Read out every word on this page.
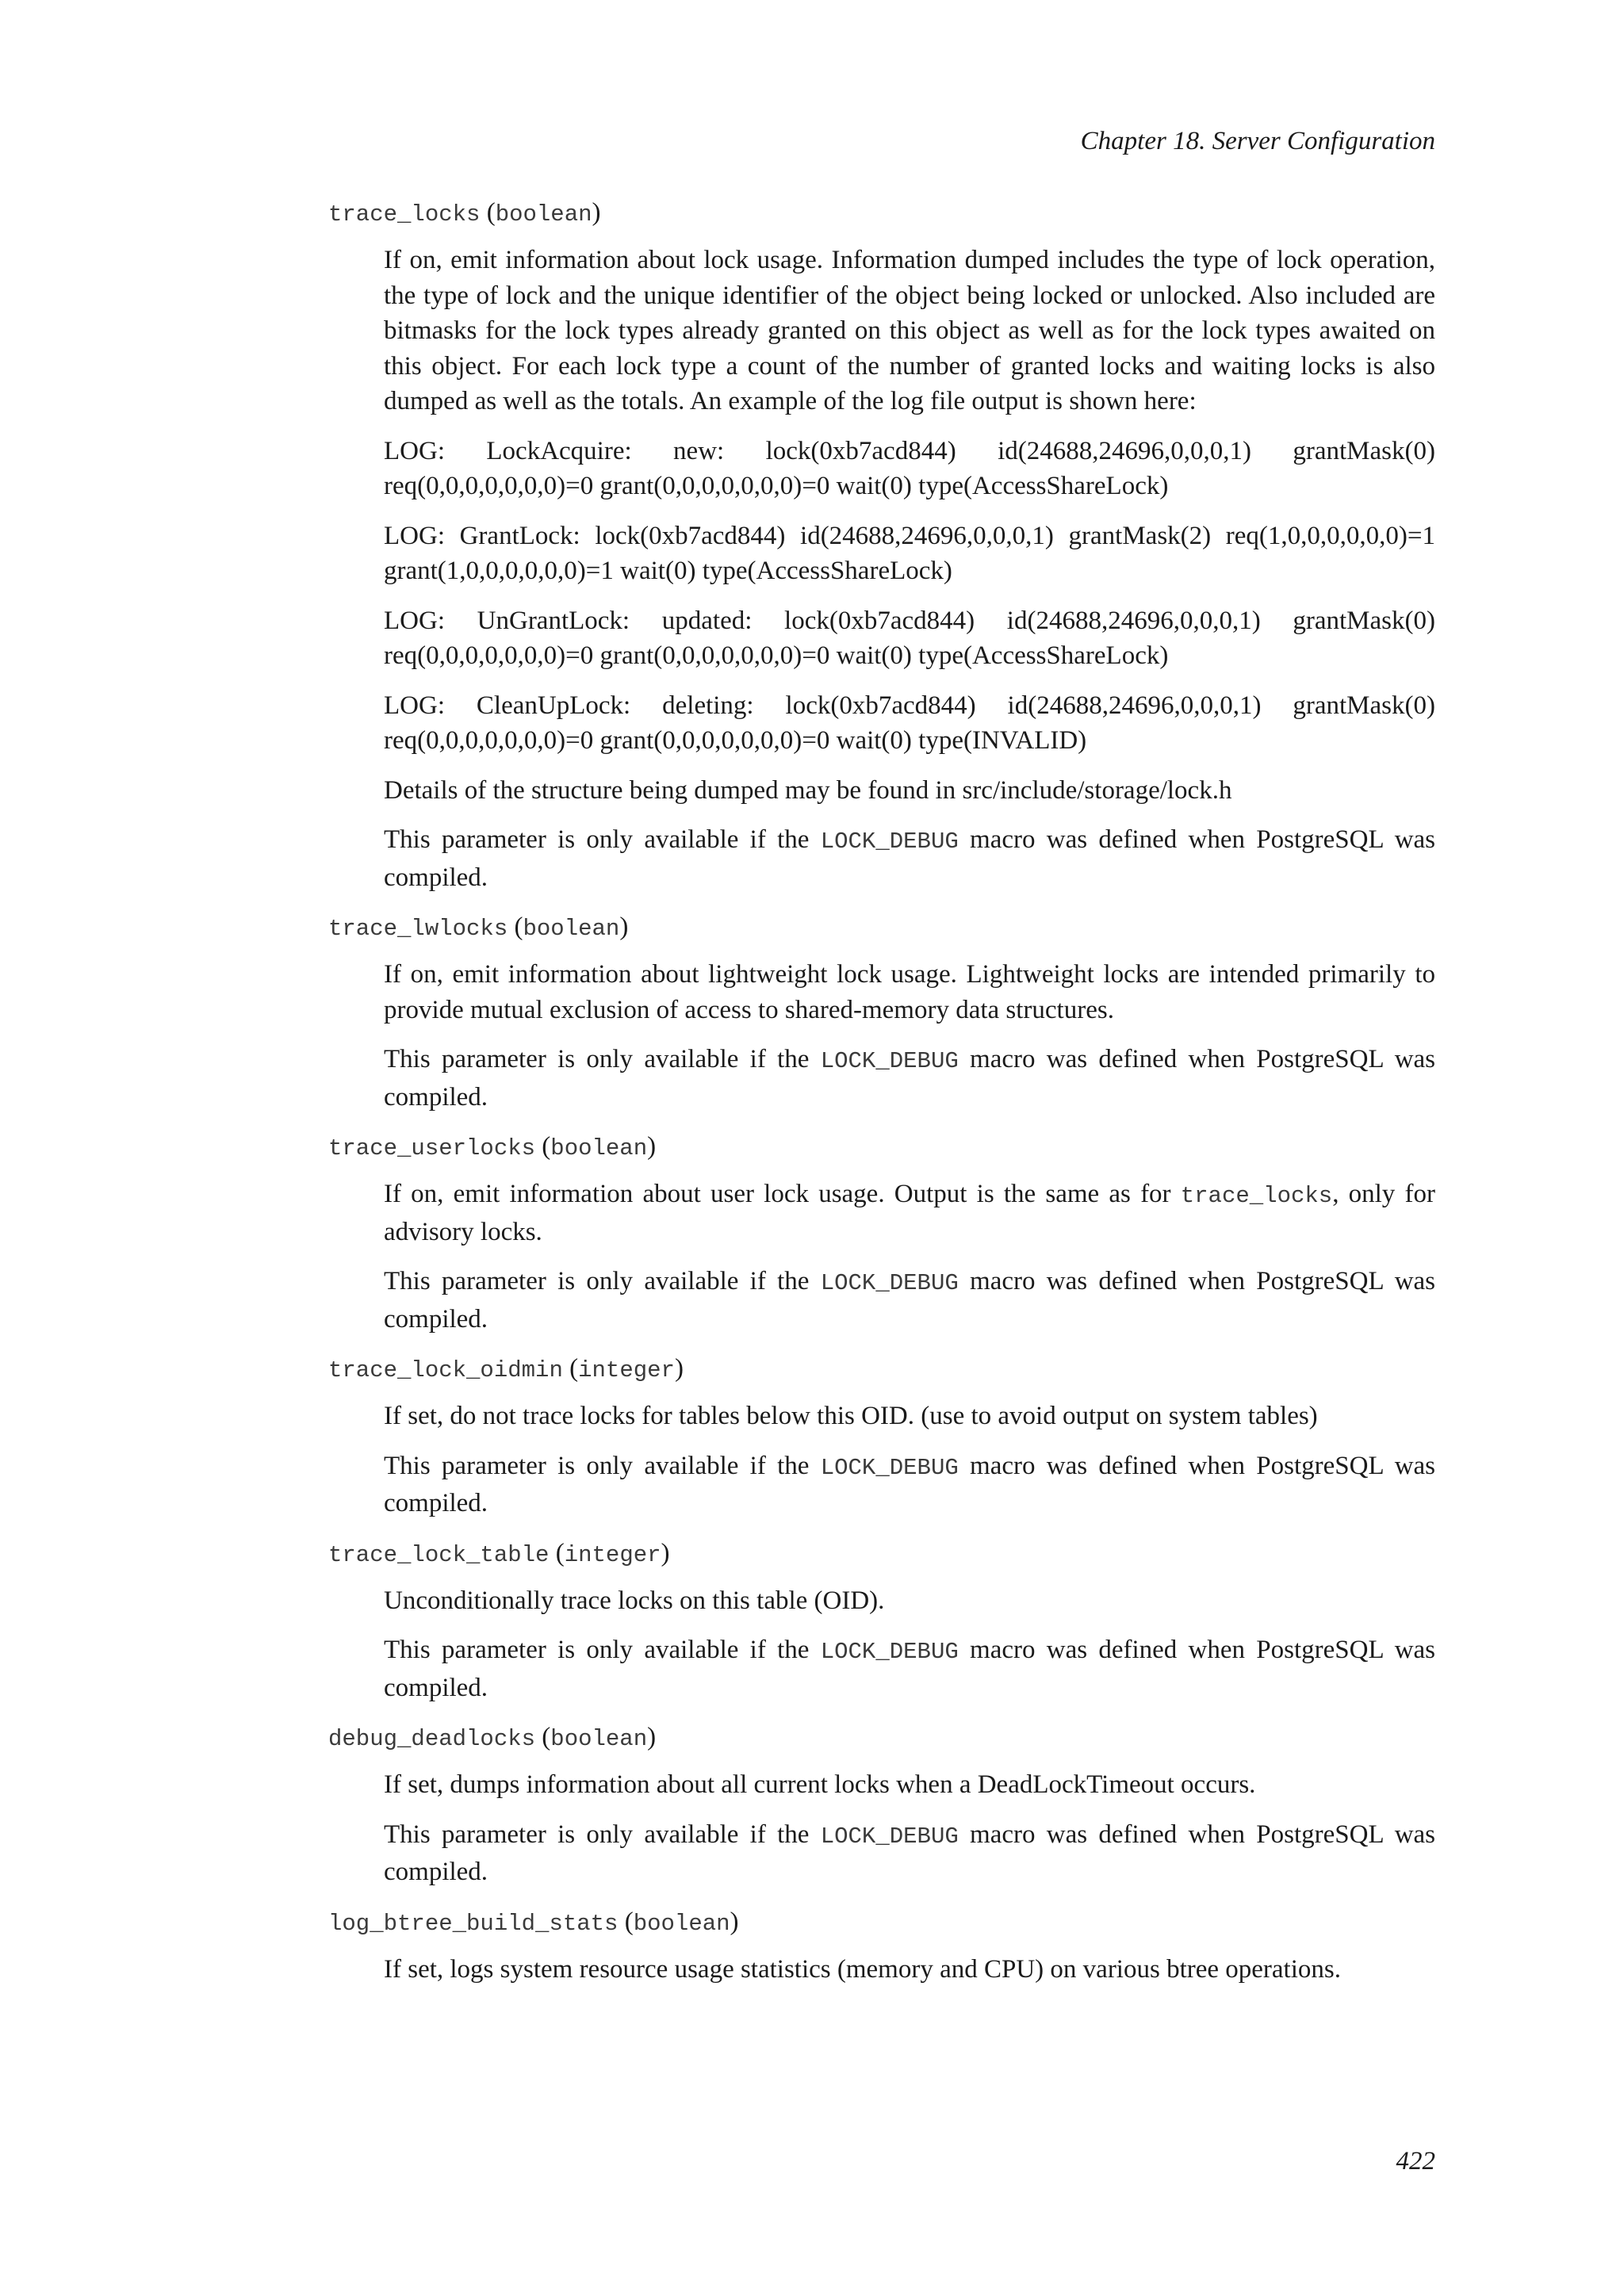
Chapter 18. Server Configuration
trace_locks (boolean)

If on, emit information about lock usage. Information dumped includes the type of lock operation, the type of lock and the unique identifier of the object being locked or unlocked. Also included are bitmasks for the lock types already granted on this object as well as for the lock types awaited on this object. For each lock type a count of the number of granted locks and waiting locks is also dumped as well as the totals. An example of the log file output is shown here:

LOG: LockAcquire: new: lock(0xb7acd844) id(24688,24696,0,0,0,1) grantMask(0) req(0,0,0,0,0,0,0)=0 grant(0,0,0,0,0,0,0)=0 wait(0) type(AccessShareLock)

LOG: GrantLock: lock(0xb7acd844) id(24688,24696,0,0,0,1) grantMask(2) req(1,0,0,0,0,0,0)=1 grant(1,0,0,0,0,0,0)=1 wait(0) type(AccessShareLock)

LOG: UnGrantLock: updated: lock(0xb7acd844) id(24688,24696,0,0,0,1) grantMask(0) req(0,0,0,0,0,0,0)=0 grant(0,0,0,0,0,0,0)=0 wait(0) type(AccessShareLock)

LOG: CleanUpLock: deleting: lock(0xb7acd844) id(24688,24696,0,0,0,1) grantMask(0) req(0,0,0,0,0,0,0)=0 grant(0,0,0,0,0,0,0)=0 wait(0) type(INVALID)

Details of the structure being dumped may be found in src/include/storage/lock.h

This parameter is only available if the LOCK_DEBUG macro was defined when PostgreSQL was compiled.

trace_lwlocks (boolean)

If on, emit information about lightweight lock usage. Lightweight locks are intended primarily to provide mutual exclusion of access to shared-memory data structures.

This parameter is only available if the LOCK_DEBUG macro was defined when PostgreSQL was compiled.

trace_userlocks (boolean)

If on, emit information about user lock usage. Output is the same as for trace_locks, only for advisory locks.

This parameter is only available if the LOCK_DEBUG macro was defined when PostgreSQL was compiled.

trace_lock_oidmin (integer)

If set, do not trace locks for tables below this OID. (use to avoid output on system tables)

This parameter is only available if the LOCK_DEBUG macro was defined when PostgreSQL was compiled.

trace_lock_table (integer)

Unconditionally trace locks on this table (OID).

This parameter is only available if the LOCK_DEBUG macro was defined when PostgreSQL was compiled.

debug_deadlocks (boolean)

If set, dumps information about all current locks when a DeadLockTimeout occurs.

This parameter is only available if the LOCK_DEBUG macro was defined when PostgreSQL was compiled.

log_btree_build_stats (boolean)

If set, logs system resource usage statistics (memory and CPU) on various btree operations.

422
